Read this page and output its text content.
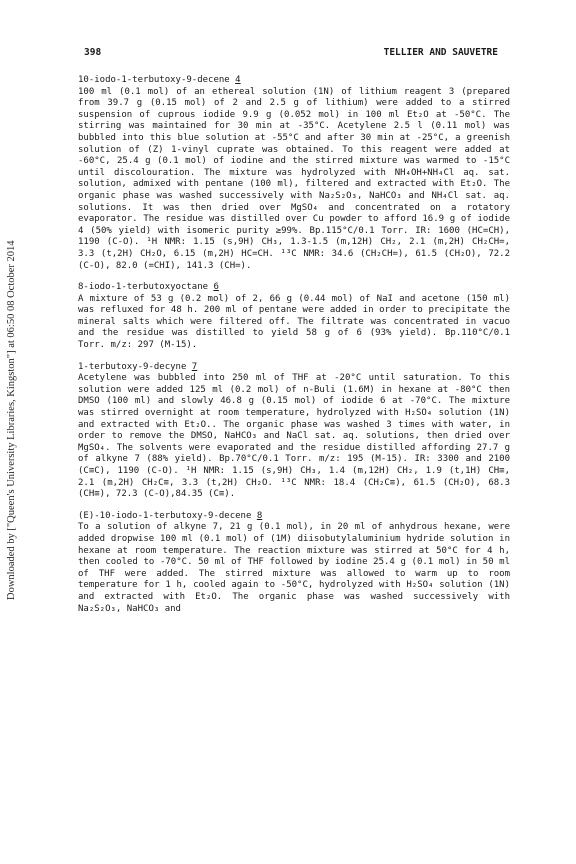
Downloaded by ["Queen's University Libraries, Kingston"] at 06:50 08 October 2014
398	TELLIER AND SAUVETRE
10-iodo-1-terbutoxy-9-decene 4

100 ml (0.1 mol) of an ethereal solution (1N) of lithium reagent 3 (prepared from 39.7 g (0.15 mol) of 2 and 2.5 g of lithium) were added to a stirred suspension of cuprous iodide 9.9 g (0.052 mol) in 100 ml Et₂O at -50°C. The stirring was maintained for 30 min at -35°C. Acetylene 2.5 l (0.11 mol) was bubbled into this blue solution at -55°C and after 30 min at -25°C, a greenish solution of (Z) 1-vinyl cuprate was obtained. To this reagent were added at -60°C, 25.4 g (0.1 mol) of iodine and the stirred mixture was warmed to -15°C until discolouration. The mixture was hydrolyzed with NH₄OH+NH₄Cl aq. sat. solution, admixed with pentane (100 ml), filtered and extracted with Et₂O. The organic phase was washed successively with Na₂S₂O₃, NaHCO₃ and NH₄Cl sat. aq. solutions. It was then dried over MgSO₄ and concentrated on a rotatory evaporator. The residue was distilled over Cu powder to afford 16.9 g of iodide 4 (50% yield) with isomeric purity ≥99%. Bp.115°C/0.1 Torr. IR: 1600 (HC=CH), 1190 (C-O). ¹H NMR: 1.15 (s,9H) CH₃, 1.3-1.5 (m,12H) CH₂, 2.1 (m,2H) CH₂CH=, 3.3 (t,2H) CH₂O, 6.15 (m,2H) HC=CH. ¹³C NMR: 34.6 (CH₂CH=), 61.5 (CH₂O), 72.2 (C-O), 82.0 (=CHI), 141.3 (CH=).

8-iodo-1-terbutoxyoctane 6

A mixture of 53 g (0.2 mol) of 2, 66 g (0.44 mol) of NaI and acetone (150 ml) was refluxed for 48 h. 200 ml of pentane were added in order to precipitate the mineral salts which were filtered off. The filtrate was concentrated in vacuo and the residue was distilled to yield 58 g of 6 (93% yield). Bp.110°C/0.1 Torr. m/z: 297 (M-15).

1-terbutoxy-9-decyne 7

Acetylene was bubbled into 250 ml of THF at -20°C until saturation. To this solution were added 125 ml (0.2 mol) of n-Buli (1.6M) in hexane at -80°C then DMSO (100 ml) and slowly 46.8 g (0.15 mol) of iodide 6 at -70°C. The mixture was stirred overnight at room temperature, hydrolyzed with H₂SO₄ solution (1N) and extracted with Et₂O.. The organic phase was washed 3 times with water, in order to remove the DMSO, NaHCO₃ and NaCl sat. aq. solutions, then dried over MgSO₄. The solvents were evaporated and the residue distilled affording 27.7 g of alkyne 7 (88% yield). Bp.70°C/0.1 Torr. m/z: 195 (M-15). IR: 3300 and 2100 (C≡C), 1190 (C-O). ¹H NMR: 1.15 (s,9H) CH₃, 1.4 (m,12H) CH₂, 1.9 (t,1H) CH≡, 2.1 (m,2H) CH₂C≡, 3.3 (t,2H) CH₂O. ¹³C NMR: 18.4 (CH₂C≡), 61.5 (CH₂O), 68.3 (CH≡), 72.3 (C-O),84.35 (C≡).

(E)-10-iodo-1-terbutoxy-9-decene 8

To a solution of alkyne 7, 21 g (0.1 mol), in 20 ml of anhydrous hexane, were added dropwise 100 ml (0.1 mol) of (1M) diisobutylaluminium hydride solution in hexane at room temperature. The reaction mixture was stirred at 50°C for 4 h, then cooled to -70°C. 50 ml of THF followed by iodine 25.4 g (0.1 mol) in 50 ml of THF were added. The stirred mixture was allowed to warm up to room temperature for 1 h, cooled again to -50°C, hydrolyzed with H₂SO₄ solution (1N) and extracted with Et₂O. The organic phase was washed successively with Na₂S₂O₃, NaHCO₃ and
